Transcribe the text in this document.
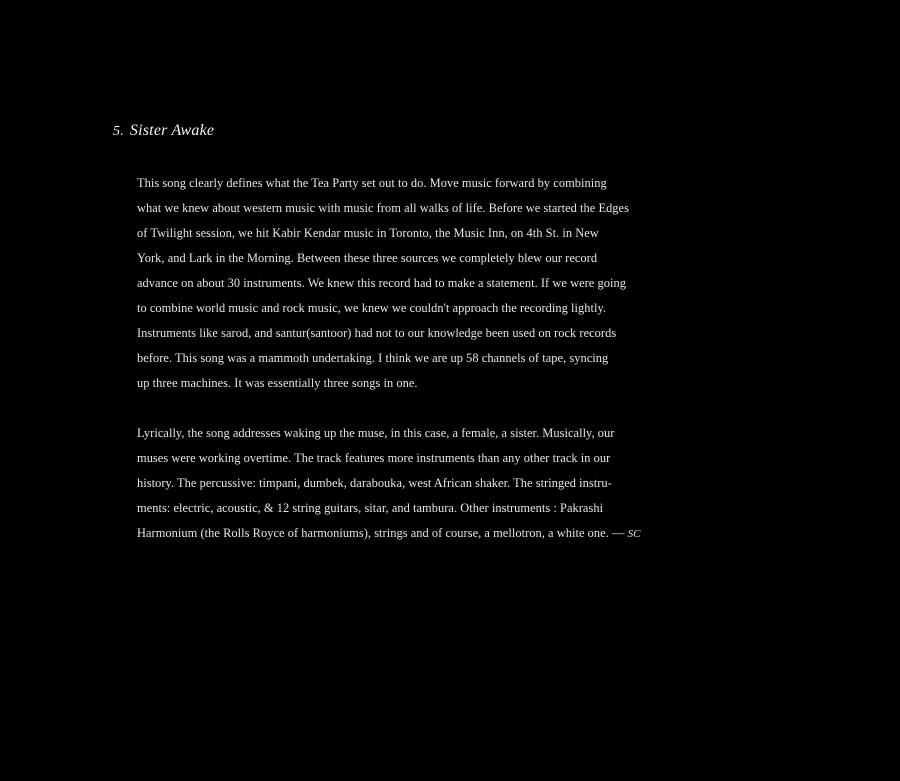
5. Sister Awake

This song clearly defines what the Tea Party set out to do. Move music forward by combining
what we knew about western music with music from all walks of life. Before we started the Edges
of Twilight session, we hit Kabir Kendar music in Toronto, the Music Inn, on 4th St. in New
York, and Lark in the Morning. Between these three sources we completely blew our record
advance on about 30 instruments. We knew this record had to make a statement. If we were going
to combine world music and rock music, we knew we couldn't approach the recording lightly.
Instruments like sarod, and santur(santoor) had not to our knowledge been used on rock records
before. This song was a mammoth undertaking. I think we are up 58 channels of tape, syncing
up three machines. It was essentially three songs in one.

Lyrically, the song addresses waking up the muse, in this case, a female, a sister. Musically, our
muses were working overtime. The track features more instruments than any other track in our
history. The percussive: timpani, dumbek, darabouka, west African shaker. The stringed instru-
ments: electric, acoustic, & 12 string guitars, sitar, and tambura. Other instruments : Pakrashi
Harmonium (the Rolls Royce of harmoniums), strings and of course, a mellotron, a white one. — SC
